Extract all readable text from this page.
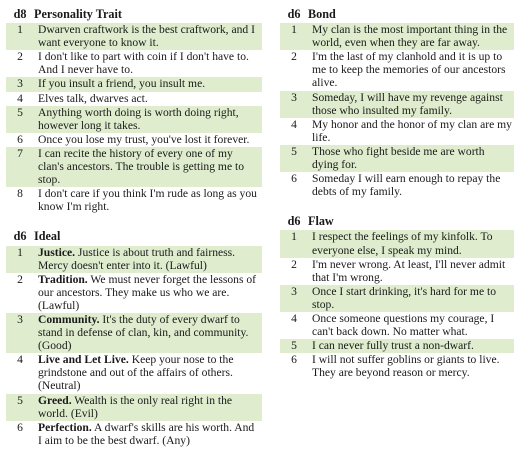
d8	Personality Trait
1	Dwarven craftwork is the best craftwork, and I want everyone to know it.
2	I don't like to part with coin if I don't have to. And I never have to.
3	If you insult a friend, you insult me.
4	Elves talk, dwarves act.
5	Anything worth doing is worth doing right, however long it takes.
6	Once you lose my trust, you've lost it forever.
7	I can recite the history of every one of my clan's ancestors. The trouble is getting me to stop.
8	I don't care if you think I'm rude as long as you know I'm right.
d6	Ideal
1	Justice. Justice is about truth and fairness. Mercy doesn't enter into it. (Lawful)
2	Tradition. We must never forget the lessons of our ancestors. They make us who we are. (Lawful)
3	Community. It's the duty of every dwarf to stand in defense of clan, kin, and community. (Good)
4	Live and Let Live. Keep your nose to the grindstone and out of the affairs of others. (Neutral)
5	Greed. Wealth is the only real right in the world. (Evil)
6	Perfection. A dwarf's skills are his worth. And I aim to be the best dwarf. (Any)
d6	Bond
1	My clan is the most important thing in the world, even when they are far away.
2	I'm the last of my clanhold and it is up to me to keep the memories of our ancestors alive.
3	Someday, I will have my revenge against those who insulted my family.
4	My honor and the honor of my clan are my life.
5	Those who fight beside me are worth dying for.
6	Someday I will earn enough to repay the debts of my family.
d6	Flaw
1	I respect the feelings of my kinfolk. To everyone else, I speak my mind.
2	I'm never wrong. At least, I'll never admit that I'm wrong.
3	Once I start drinking, it's hard for me to stop.
4	Once someone questions my courage, I can't back down. No matter what.
5	I can never fully trust a non-dwarf.
6	I will not suffer goblins or giants to live. They are beyond reason or mercy.
